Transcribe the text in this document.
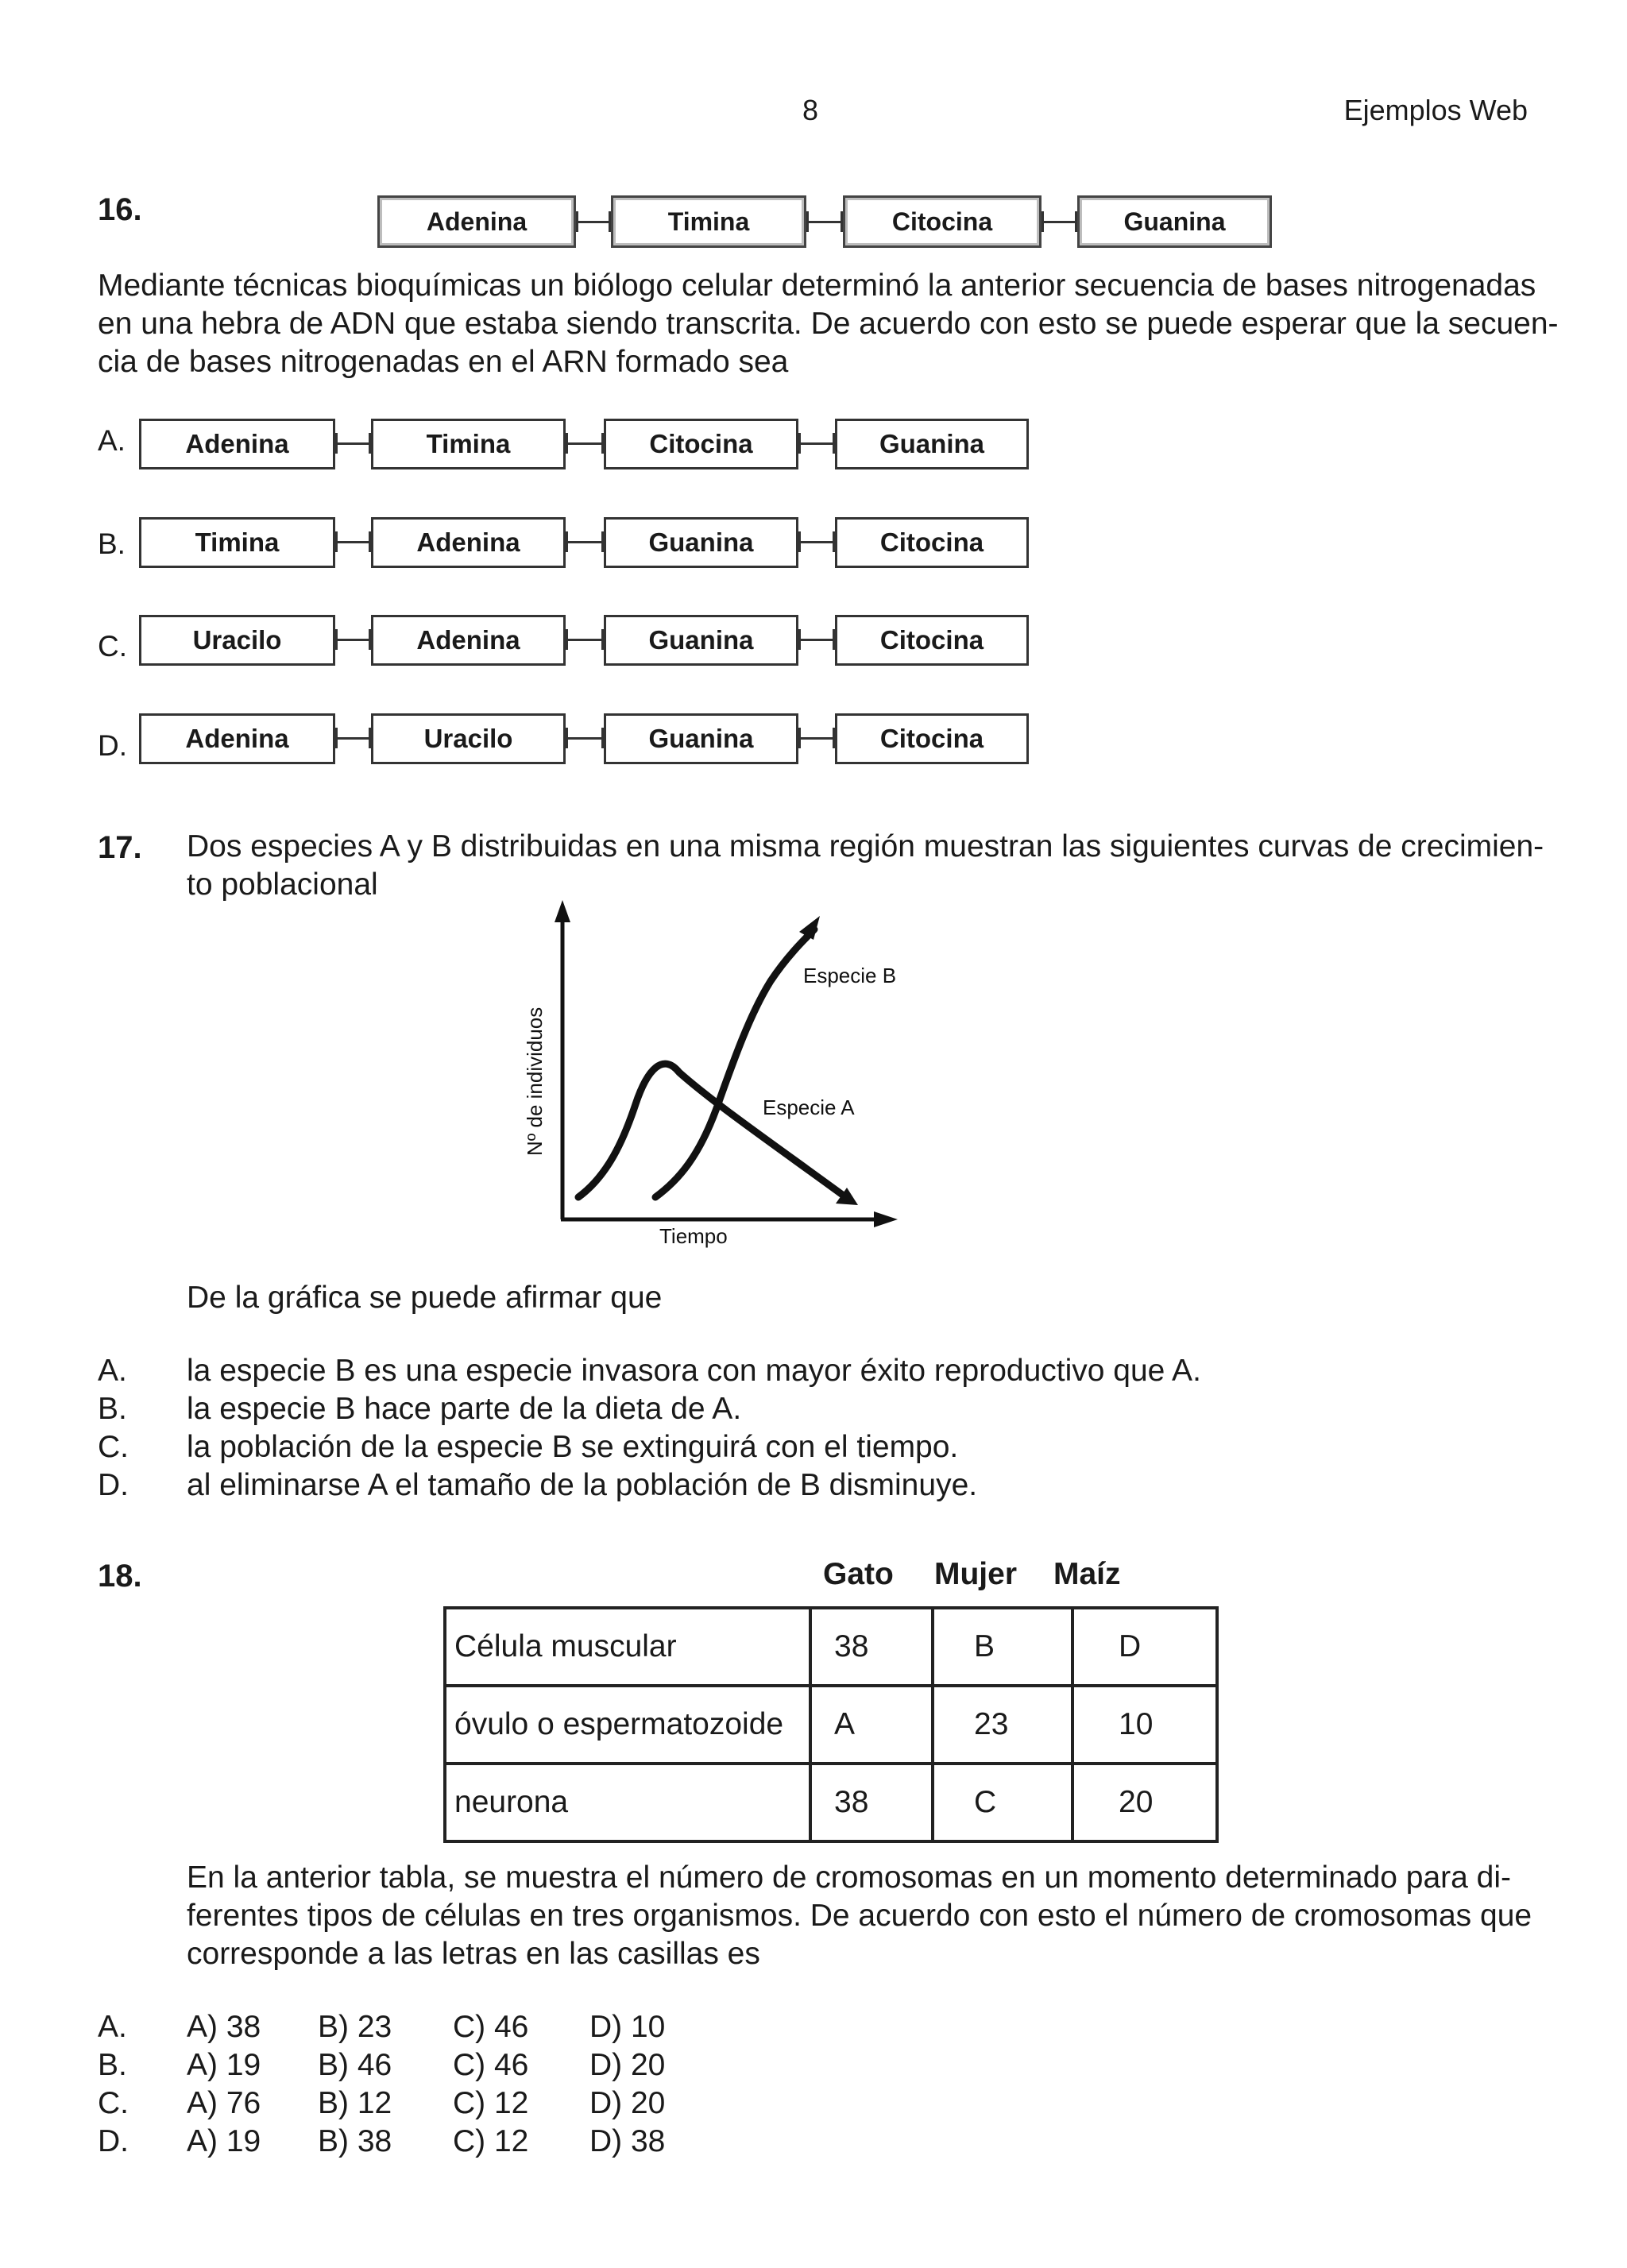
8	Ejemplos Web
16.	Adenina	Timina	Citocina	Guanina
Mediante técnicas bioquímicas un biólogo celular determinó la anterior secuencia de bases nitrogenadas
en una hebra de ADN que estaba siendo transcrita. De acuerdo con esto se puede esperar que la secuen-
cia de bases nitrogenadas en el ARN formado sea
A.	Adenina	Timina	Citocina	Guanina
B.	Timina	Adenina	Guanina	Citocina
C.	Uracilo	Adenina	Guanina	Citocina
D.	Adenina	Uracilo	Guanina	Citocina
17. Dos especies A y B distribuidas en una misma región muestran las siguientes curvas de crecimien-
to poblacional
Especie B
Especie A
Tiempo
Nº de individuos
De la gráfica se puede afirmar que
A.	la especie B es una especie invasora con mayor éxito reproductivo que A.
B.	la especie B hace parte de la dieta de A.
C.	la población de la especie B se extinguirá con el tiempo.
D.	al eliminarse A el tamaño de la población de B disminuye.
18.	Gato Mujer Maíz
Célula muscular	38	B	D
óvulo o espermatozoide	A	23	10
neurona	38	C	20
En la anterior tabla, se muestra el número de cromosomas en un momento determinado para di-
ferentes tipos de células en tres organismos. De acuerdo con esto el número de cromosomas que
corresponde a las letras en las casillas es
A.	A) 38	B) 23	C) 46	D) 10
B.	A) 19	B) 46	C) 46	D) 20
C.	A) 76	B) 12	C) 12	D) 20
D.	A) 19	B) 38	C) 12	D) 38
